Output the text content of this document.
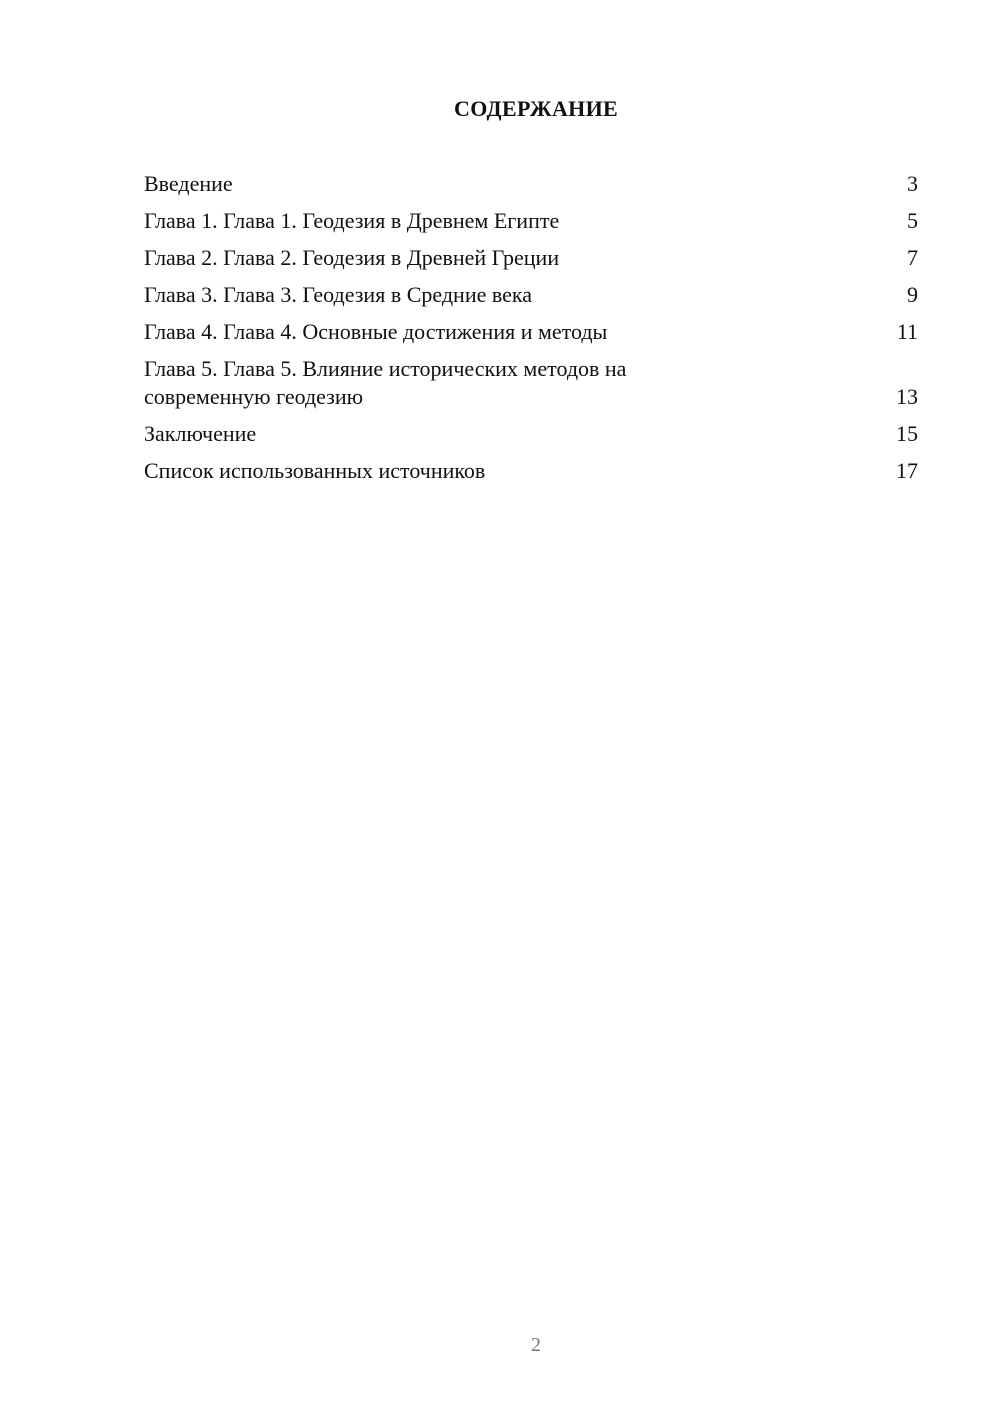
СОДЕРЖАНИЕ
Введение	3
Глава 1. Глава 1. Геодезия в Древнем Египте	5
Глава 2. Глава 2. Геодезия в Древней Греции	7
Глава 3. Глава 3. Геодезия в Средние века	9
Глава 4. Глава 4. Основные достижения и методы	11
Глава 5. Глава 5. Влияние исторических методов на современную геодезию	13
Заключение	15
Список использованных источников	17
2
